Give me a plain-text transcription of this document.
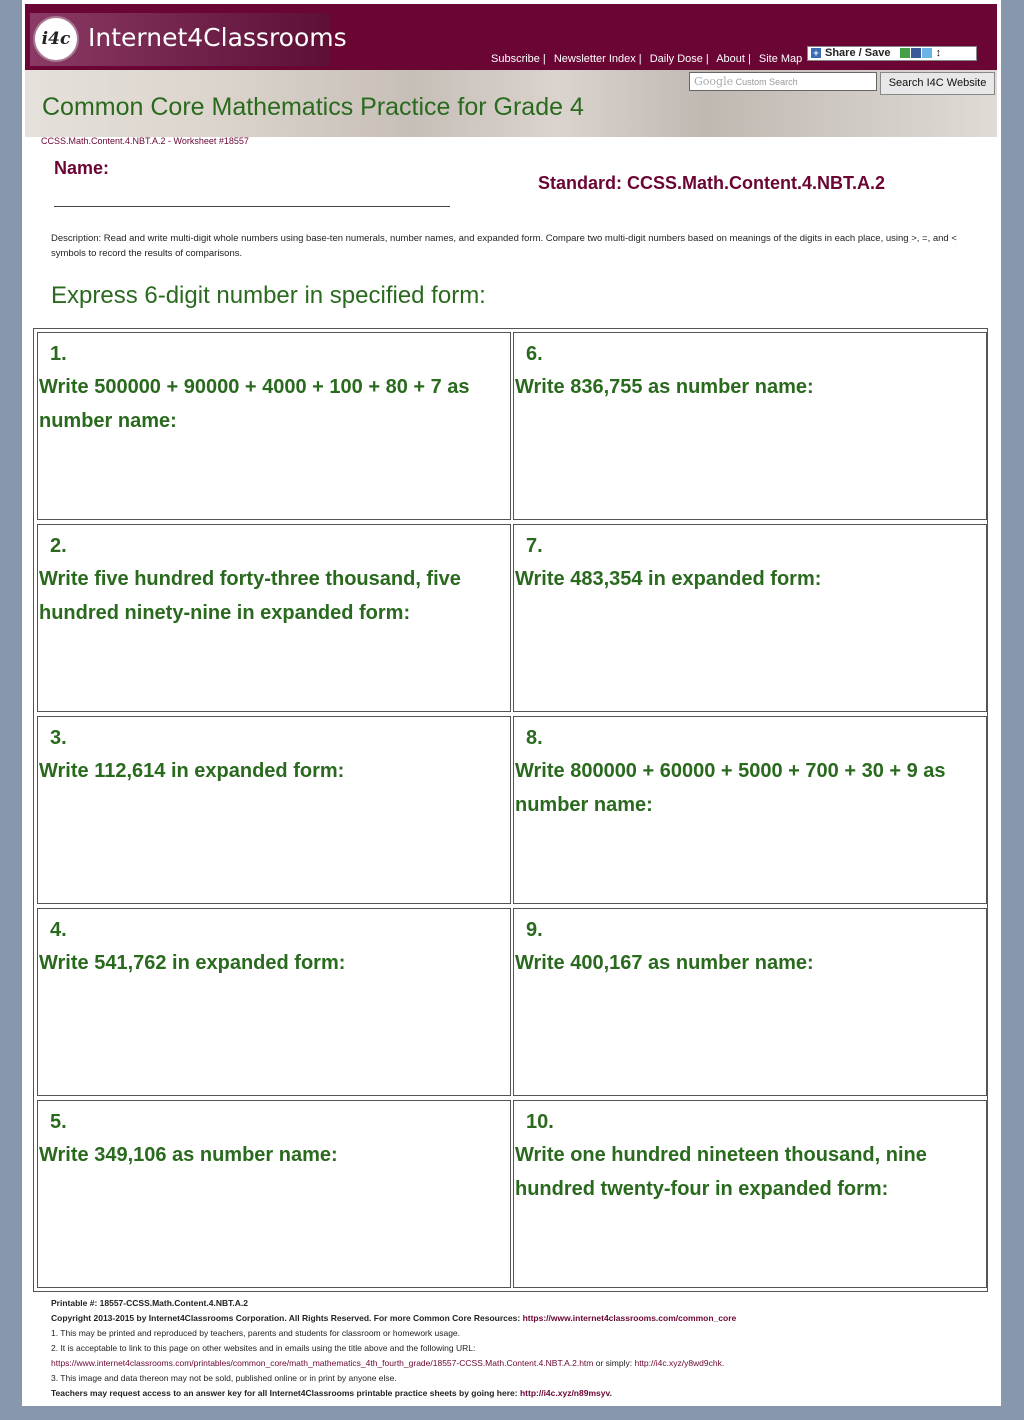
i4c Internet4Classrooms
Subscribe | Newsletter Index | Daily Dose | About | Site Map	+ Share / Save	↕
Google Custom Search	Search I4C Website
Common Core Mathematics Practice for Grade 4
CCSS.Math.Content.4.NBT.A.2 - Worksheet #18557
Name:
Standard: CCSS.Math.Content.4.NBT.A.2
Description: Read and write multi-digit whole numbers using base-ten numerals, number names, and expanded form. Compare two multi-digit numbers based on meanings of the digits in each place, using >, =, and < symbols to record the results of comparisons.
Express 6-digit number in specified form:
1.
Write 500000 + 90000 + 4000 + 100 + 80 + 7 as number name:
2.
Write five hundred forty-three thousand, five hundred ninety-nine in expanded form:
3.
Write 112,614 in expanded form:
4.
Write 541,762 in expanded form:
5.
Write 349,106 as number name:
6.
Write 836,755 as number name:
7.
Write 483,354 in expanded form:
8.
Write 800000 + 60000 + 5000 + 700 + 30 + 9 as number name:
9.
Write 400,167 as number name:
10.
Write one hundred nineteen thousand, nine hundred twenty-four in expanded form:
Printable #: 18557-CCSS.Math.Content.4.NBT.A.2
Copyright 2013-2015 by Internet4Classrooms Corporation. All Rights Reserved. For more Common Core Resources: https://www.internet4classrooms.com/common_core
1. This may be printed and reproduced by teachers, parents and students for classroom or homework usage.
2. It is acceptable to link to this page on other websites and in emails using the title above and the following URL:
https://www.internet4classrooms.com/printables/common_core/math_mathematics_4th_fourth_grade/18557-CCSS.Math.Content.4.NBT.A.2.htm or simply: http://i4c.xyz/y8wd9chk.
3. This image and data thereon may not be sold, published online or in print by anyone else.
Teachers may request access to an answer key for all Internet4Classrooms printable practice sheets by going here: http://i4c.xyz/n89msyv.
